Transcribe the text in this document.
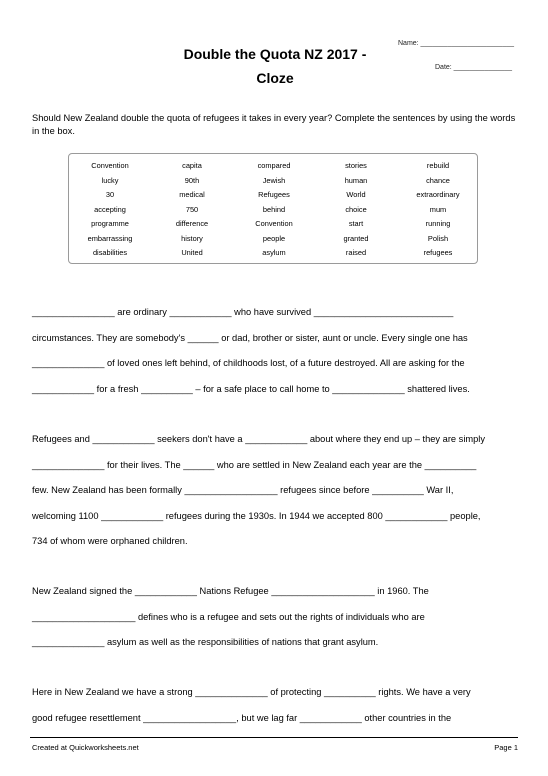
Double the Quota NZ 2017 -
Cloze
Name: ________________________
Date: _______________
Should New Zealand double the quota of refugees it takes in every year? Complete the sentences by using the words in the box.
Convention	capita	compared	stories	rebuild
lucky	90th	Jewish	human	chance
30	medical	Refugees	World	extraordinary
accepting	750	behind	choice	mum
programme	difference	Convention	start	running
embarrassing	history	people	granted	Polish
disabilities	United	asylum	raised	refugees
________________ are ordinary ____________ who have survived ___________________________
circumstances. They are somebody's ______ or dad, brother or sister, aunt or uncle. Every single one has
______________ of loved ones left behind, of childhoods lost, of a future destroyed. All are asking for the
____________ for a fresh __________ – for a safe place to call home to ______________ shattered lives.
Refugees and ____________ seekers don't have a ____________ about where they end up – they are simply
______________ for their lives. The ______ who are settled in New Zealand each year are the __________
few. New Zealand has been formally __________________ refugees since before __________ War II,
welcoming 1100 ____________ refugees during the 1930s. In 1944 we accepted 800 ____________ people,
734 of whom were orphaned children.
New Zealand signed the ____________ Nations Refugee ____________________ in 1960. The
____________________ defines who is a refugee and sets out the rights of individuals who are
______________ asylum as well as the responsibilities of nations that grant asylum.
Here in New Zealand we have a strong ______________ of protecting __________ rights. We have a very
good refugee resettlement __________________, but we lag far ____________ other countries in the
Created at Quickworksheets.net	Page 1
